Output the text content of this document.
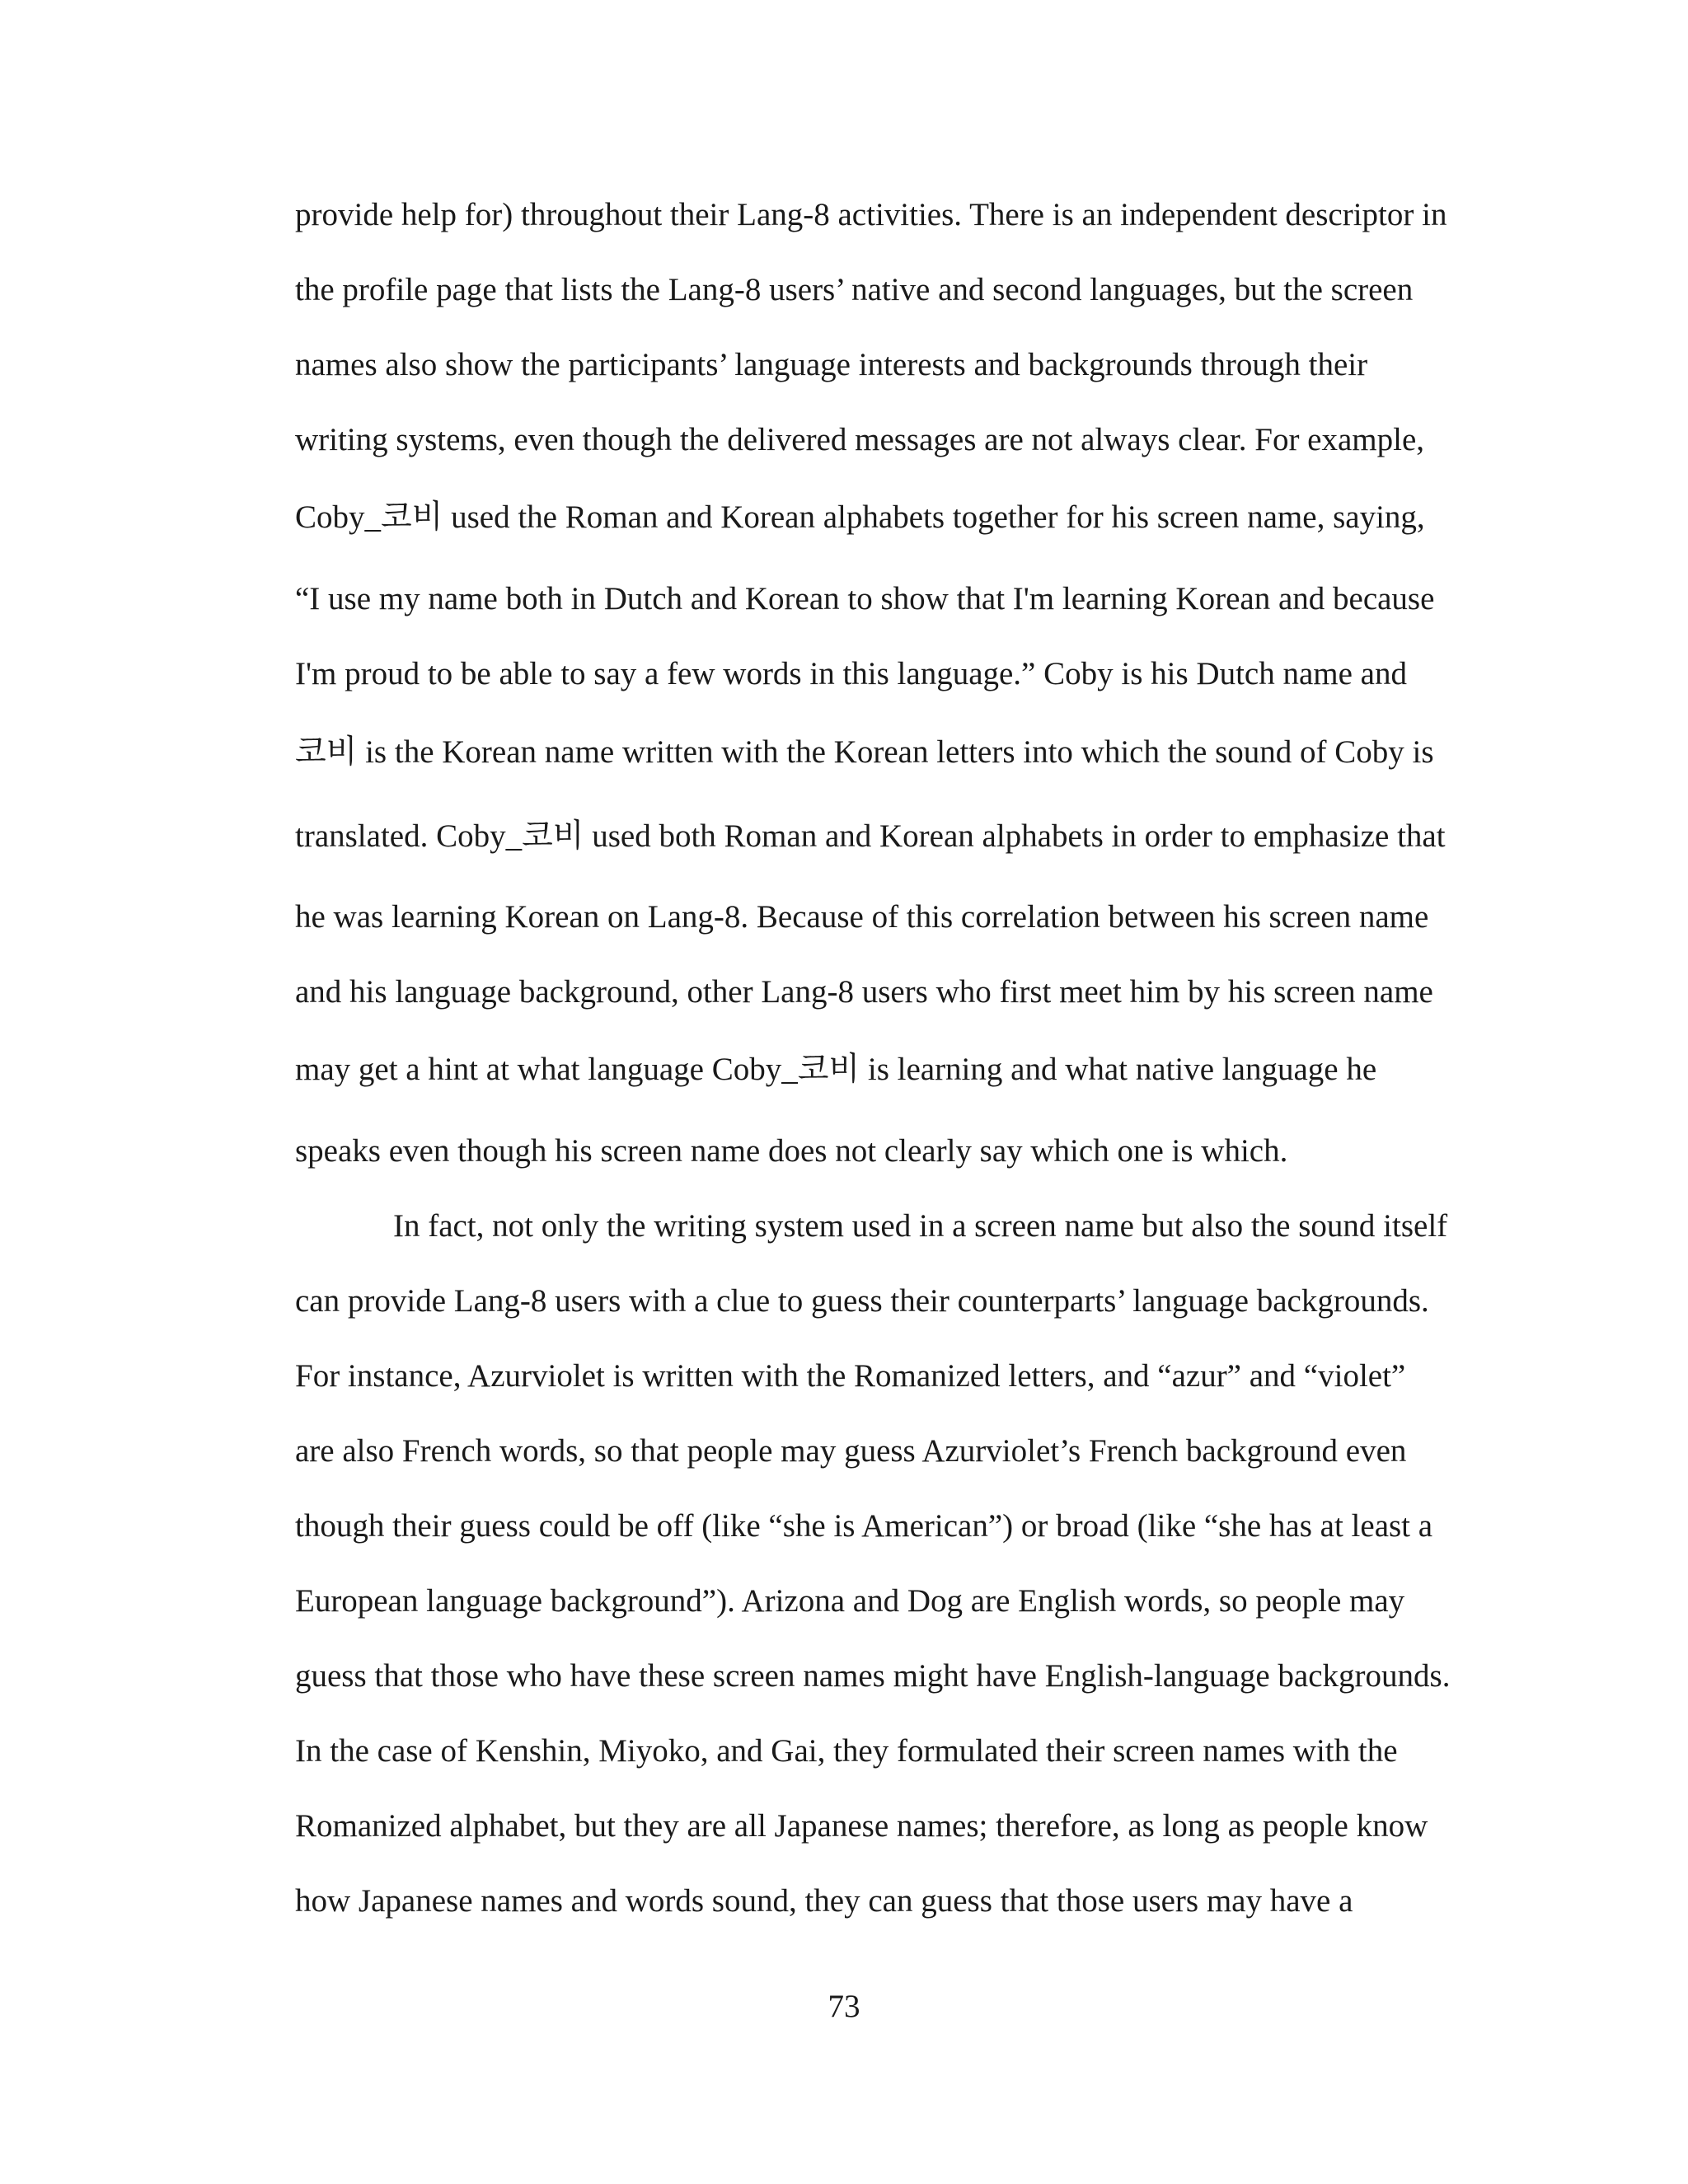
provide help for) throughout their Lang-8 activities. There is an independent descriptor in
the profile page that lists the Lang-8 users’ native and second languages, but the screen
names also show the participants’ language interests and backgrounds through their
writing systems, even though the delivered messages are not always clear. For example,
Coby_코비 used the Roman and Korean alphabets together for his screen name, saying,
“I use my name both in Dutch and Korean to show that I'm learning Korean and because
I'm proud to be able to say a few words in this language.” Coby is his Dutch name and
코비 is the Korean name written with the Korean letters into which the sound of Coby is
translated. Coby_코비 used both Roman and Korean alphabets in order to emphasize that
he was learning Korean on Lang-8. Because of this correlation between his screen name
and his language background, other Lang-8 users who first meet him by his screen name
may get a hint at what language Coby_코비 is learning and what native language he
speaks even though his screen name does not clearly say which one is which.
In fact, not only the writing system used in a screen name but also the sound itself
can provide Lang-8 users with a clue to guess their counterparts’ language backgrounds.
For instance, Azurviolet is written with the Romanized letters, and “azur” and “violet”
are also French words, so that people may guess Azurviolet’s French background even
though their guess could be off (like “she is American”) or broad (like “she has at least a
European language background”). Arizona and Dog are English words, so people may
guess that those who have these screen names might have English-language backgrounds.
In the case of Kenshin, Miyoko, and Gai, they formulated their screen names with the
Romanized alphabet, but they are all Japanese names; therefore, as long as people know
how Japanese names and words sound, they can guess that those users may have a
73
